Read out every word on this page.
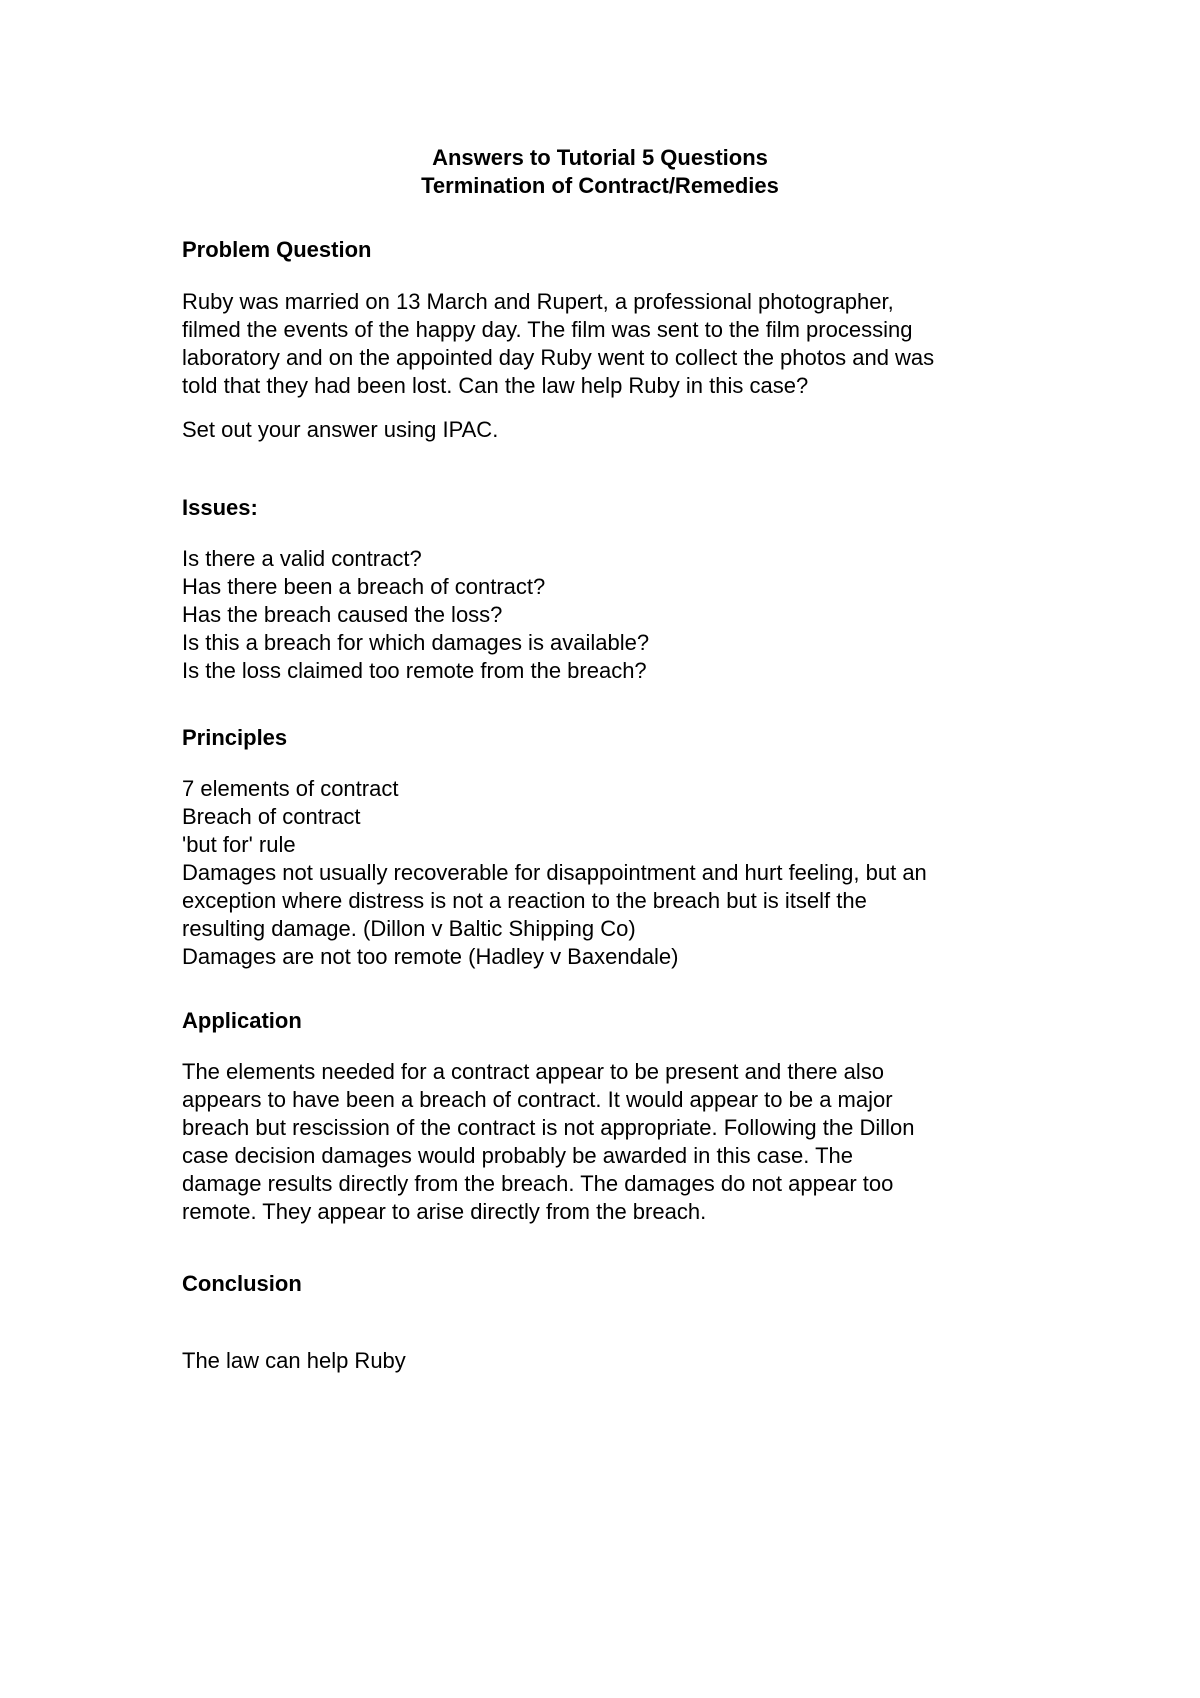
Answers to Tutorial 5 Questions
Termination of Contract/Remedies
Problem Question
Ruby was married on 13 March and Rupert, a professional photographer,
filmed the events of the happy day. The film was sent to the film processing
laboratory and on the appointed day Ruby went to collect the photos and was
told that they had been lost. Can the law help Ruby in this case?
Set out your answer using IPAC.
Issues:
Is there a valid contract?
Has there been a breach of contract?
Has the breach caused the loss?
Is this a breach for which damages is available?
Is the loss claimed too remote from the breach?
Principles
7 elements of contract
Breach of contract
'but for' rule
Damages not usually recoverable for disappointment and hurt feeling, but an
exception where distress is not a reaction to the breach but is itself the
resulting damage. (Dillon v Baltic Shipping Co)
Damages are not too remote (Hadley v Baxendale)
Application
The elements needed for a contract appear to be present and there also
appears to have been a breach of contract. It would appear to be a major
breach but rescission of the contract is not appropriate. Following the Dillon
case decision damages would probably be awarded in this case. The
damage results directly from the breach. The damages do not appear too
remote. They appear to arise directly from the breach.
Conclusion
The law can help Ruby
